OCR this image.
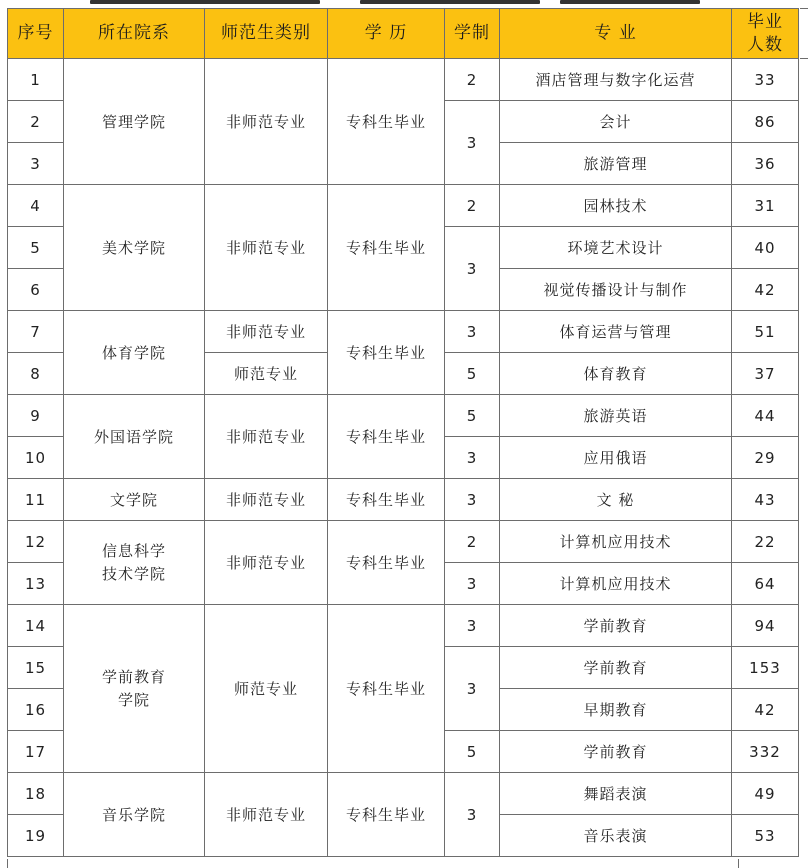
序号	所在院系	师范生类别	学 历	学制	专 业	毕业
人数

1	管理学院	非师范专业	专科生毕业	2	酒店管理与数字化运营	33
2				3	会计	86
3					旅游管理	36
4	美术学院	非师范专业	专科生毕业	2	园林技术	31
5				3	环境艺术设计	40
6					视觉传播设计与制作	42
7	体育学院	非师范专业	专科生毕业	3	体育运营与管理	51
8		师范专业		5	体育教育	37
9	外国语学院	非师范专业	专科生毕业	5	旅游英语	44
10				3	应用俄语	29
11	文学院	非师范专业	专科生毕业	3	文 秘	43
12	信息科学
技术学院	非师范专业	专科生毕业	2	计算机应用技术	22
13				3	计算机应用技术	64
14	学前教育
学院	师范专业	专科生毕业	3	学前教育	94
15				3	学前教育	153
16					早期教育	42
17				5	学前教育	332
18	音乐学院	非师范专业	专科生毕业	3	舞蹈表演	49
19					音乐表演	53
